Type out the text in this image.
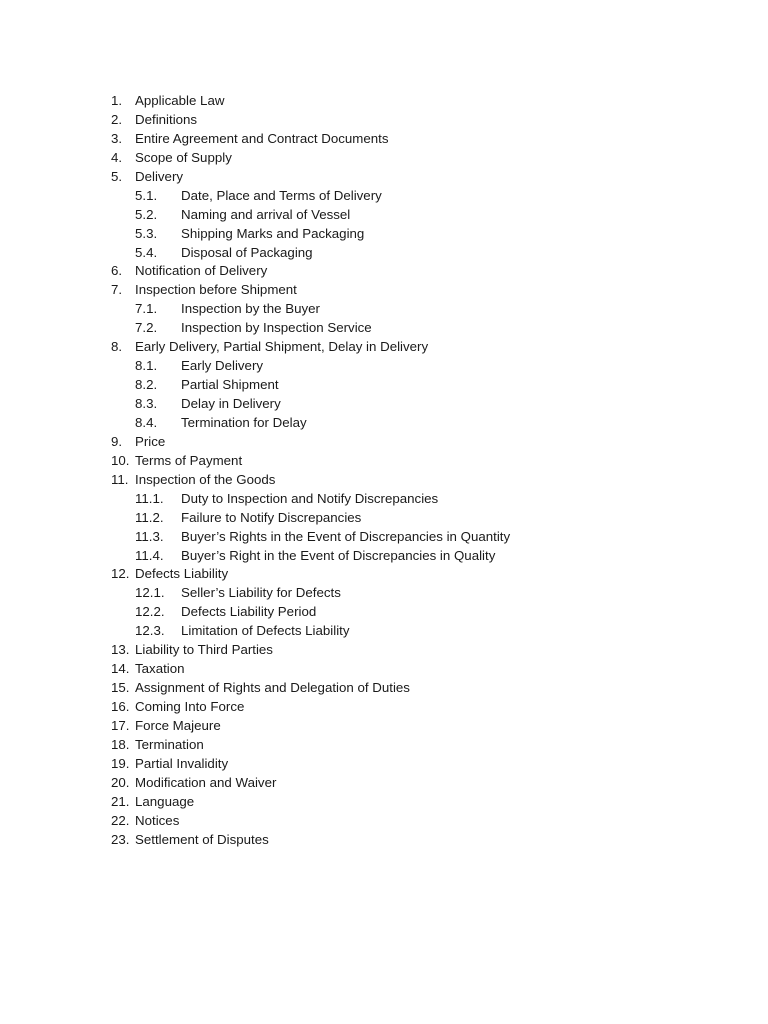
1. Applicable Law
2. Definitions
3. Entire Agreement and Contract Documents
4. Scope of Supply
5. Delivery
5.1. Date, Place and Terms of Delivery
5.2. Naming and arrival of Vessel
5.3. Shipping Marks and Packaging
5.4. Disposal of Packaging
6. Notification of Delivery
7. Inspection before Shipment
7.1. Inspection by the Buyer
7.2. Inspection by Inspection Service
8. Early Delivery, Partial Shipment, Delay in Delivery
8.1. Early Delivery
8.2. Partial Shipment
8.3. Delay in Delivery
8.4. Termination for Delay
9. Price
10. Terms of Payment
11. Inspection of the Goods
11.1. Duty to Inspection and Notify Discrepancies
11.2. Failure to Notify Discrepancies
11.3. Buyer’s Rights in the Event of Discrepancies in Quantity
11.4. Buyer’s Right in the Event of Discrepancies in Quality
12. Defects Liability
12.1. Seller’s Liability for Defects
12.2. Defects Liability Period
12.3. Limitation of Defects Liability
13. Liability to Third Parties
14. Taxation
15. Assignment of Rights and Delegation of Duties
16. Coming Into Force
17. Force Majeure
18. Termination
19. Partial Invalidity
20. Modification and Waiver
21. Language
22. Notices
23. Settlement of Disputes
